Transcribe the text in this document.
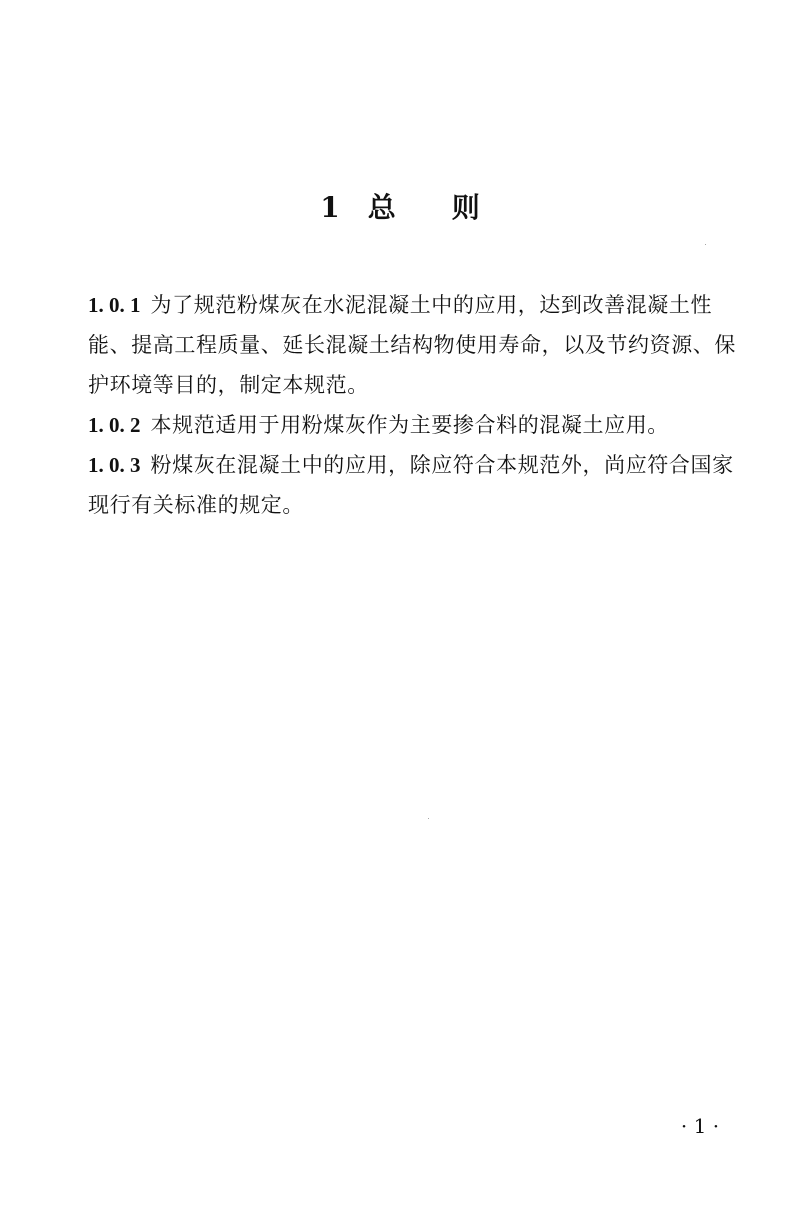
1 总 则

1. 0. 1 为了规范粉煤灰在水泥混凝土中的应用，达到改善混凝土性能、提高工程质量、延长混凝土结构物使用寿命，以及节约资源、保护环境等目的，制定本规范。

1. 0. 2 本规范适用于用粉煤灰作为主要掺合料的混凝土应用。

1. 0. 3 粉煤灰在混凝土中的应用，除应符合本规范外，尚应符合国家现行有关标准的规定。

· 1 ·
